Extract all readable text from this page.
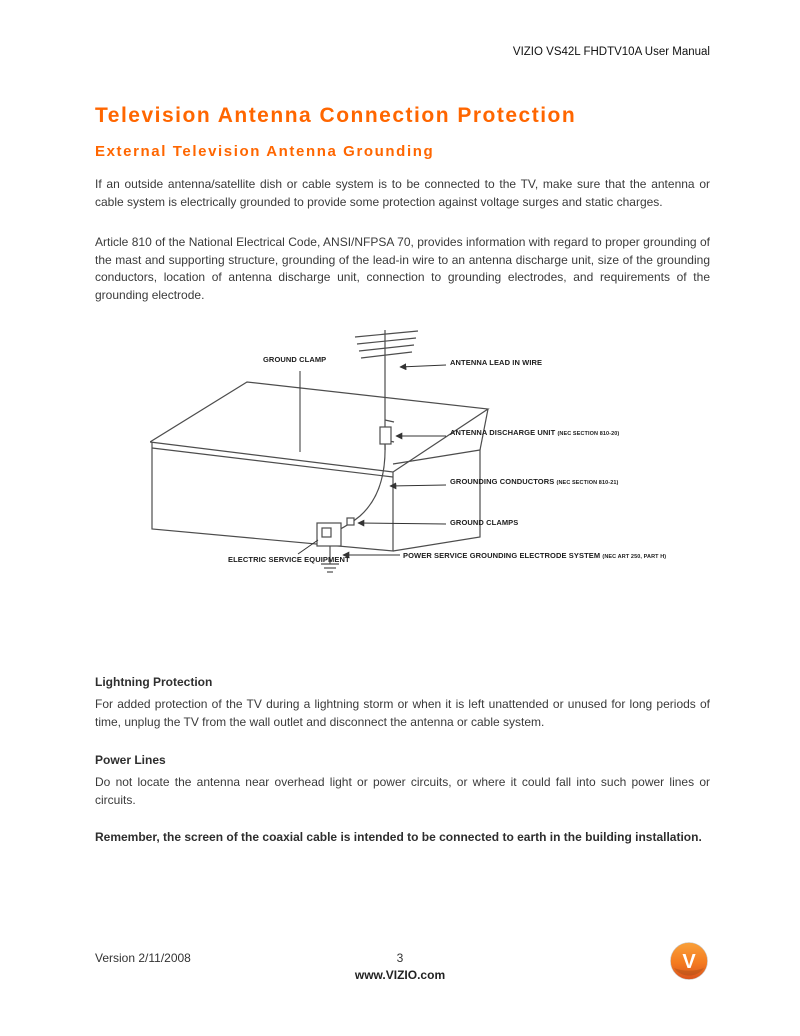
VIZIO VS42L FHDTV10A User Manual
Television Antenna Connection Protection
External Television Antenna Grounding

If an outside antenna/satellite dish or cable system is to be connected to the TV, make sure that the antenna or cable system is electrically grounded to provide some protection against voltage surges and static charges.

Article 810 of the National Electrical Code, ANSI/NFPSA 70, provides information with regard to proper grounding of the mast and supporting structure, grounding of the lead-in wire to an antenna discharge unit, size of the grounding conductors, location of antenna discharge unit, connection to grounding electrodes, and requirements of the grounding electrode.

GROUND CLAMP	ANTENNA LEAD IN WIRE
ANTENNA DISCHARGE UNIT (NEC SECTION 810-20)
GROUNDING CONDUCTORS (NEC SECTION 810-21)
GROUND CLAMPS
ELECTRIC SERVICE EQUIPMENT	POWER SERVICE GROUNDING ELECTRODE SYSTEM (NEC ART 250, PART H)
Lightning Protection

For added protection of the TV during a lightning storm or when it is left unattended or unused for long periods of time, unplug the TV from the wall outlet and disconnect the antenna or cable system.

Power Lines

Do not locate the antenna near overhead light or power circuits, or where it could fall into such power lines or circuits.

Remember, the screen of the coaxial cable is intended to be connected to earth in the building installation.

Version 2/11/2008	3
www.VIZIO.com
V
